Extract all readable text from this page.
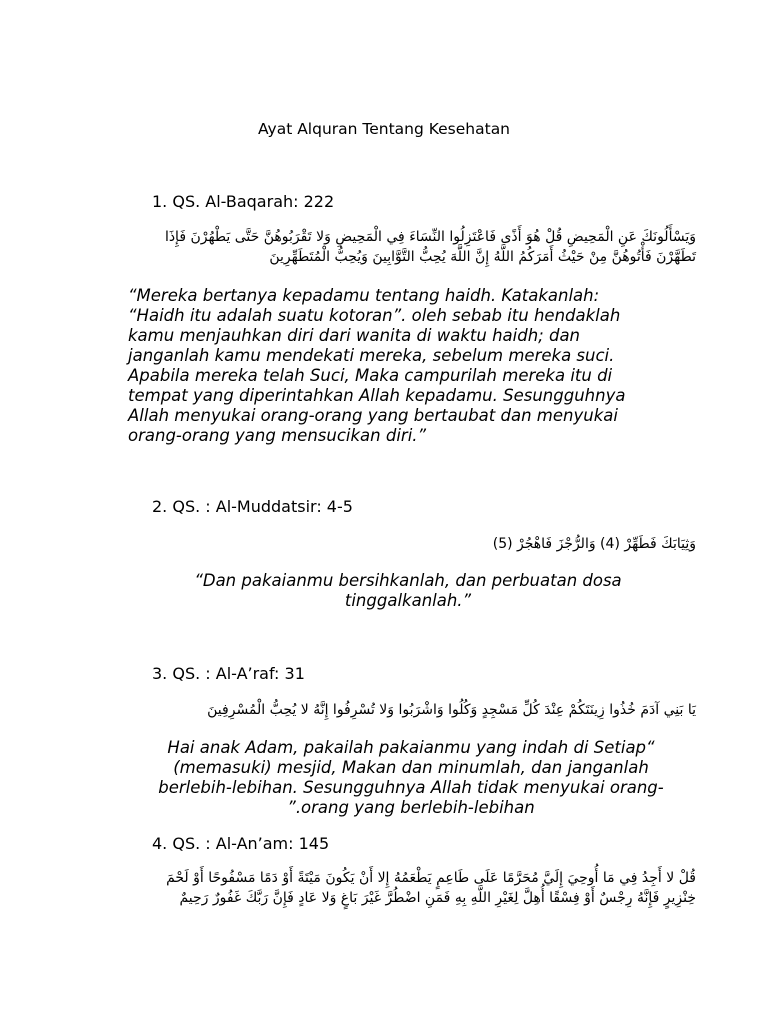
Ayat Alquran Tentang Kesehatan
1. QS. Al-Baqarah: 222
وَيَسْأَلُونَكَ عَنِ الْمَحِيضِ قُلْ هُوَ أَذًى فَاعْتَزِلُوا النِّسَاءَ فِي الْمَحِيضِ وَلا تَقْرَبُوهُنَّ حَتَّى يَطْهُرْنَ فَإِذَا
تَطَهَّرْنَ فَأْتُوهُنَّ مِنْ حَيْثُ أَمَرَكُمُ اللَّهُ إِنَّ اللَّهَ يُحِبُّ التَّوَّابِينَ وَيُحِبُّ الْمُتَطَهِّرِينَ
“Mereka bertanya kepadamu tentang haidh. Katakanlah:
“Haidh itu adalah suatu kotoran”. oleh sebab itu hendaklah
kamu menjauhkan diri dari wanita di waktu haidh; dan
janganlah kamu mendekati mereka, sebelum mereka suci.
Apabila mereka telah Suci, Maka campurilah mereka itu di
tempat yang diperintahkan Allah kepadamu. Sesungguhnya
Allah menyukai orang-orang yang bertaubat dan menyukai
orang-orang yang mensucikan diri.”
2. QS. : Al-Muddatsir: 4-5
وَثِيَابَكَ فَطَهِّرْ (4) وَالرُّجْزَ فَاهْجُرْ (5)
“Dan pakaianmu bersihkanlah, dan perbuatan dosa
tinggalkanlah.”
3. QS. : Al-A’raf: 31
يَا بَنِي آدَمَ خُذُوا زِينَتَكُمْ عِنْدَ كُلِّ مَسْجِدٍ وَكُلُوا وَاشْرَبُوا وَلا تُسْرِفُوا إِنَّهُ لا يُحِبُّ الْمُسْرِفِينَ
Hai anak Adam, pakailah pakaianmu yang indah di Setiap“
(memasuki) mesjid, Makan dan minumlah, dan janganlah
berlebih-lebihan. Sesungguhnya Allah tidak menyukai orang-
”.orang yang berlebih-lebihan
4. QS. : Al-An’am: 145
قُلْ لا أَجِدُ فِي مَا أُوحِيَ إِلَيَّ مُحَرَّمًا عَلَى طَاعِمٍ يَطْعَمُهُ إِلا أَنْ يَكُونَ مَيْتَةً أَوْ دَمًا مَسْفُوحًا أَوْ لَحْمَ
خِنْزِيرٍ فَإِنَّهُ رِجْسٌ أَوْ فِسْقًا أُهِلَّ لِغَيْرِ اللَّهِ بِهِ فَمَنِ اضْطُرَّ غَيْرَ بَاغٍ وَلا عَادٍ فَإِنَّ رَبَّكَ غَفُورٌ رَحِيمٌ
